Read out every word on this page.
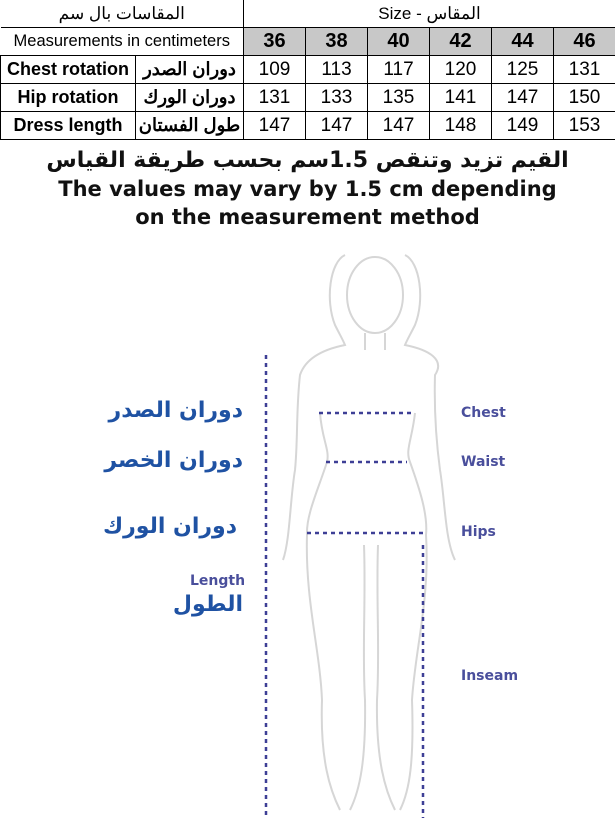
المقاسات بال سم		Size - المقاس					
Measurements in centimeters		36	38	40	42	44	46
Chest rotation	دوران الصدر	109	113	117	120	125	131
Hip rotation	دوران الورك	131	133	135	141	147	150
Dress length	طول الفستان	147	147	147	148	149	153
القيم تزيد وتنقص 1.5سم بحسب طريقة القياس
The values may vary by 1.5 cm depending
on the measurement method
دوران الصدر
دوران الخصر
دوران الورك
Length
الطول
Chest
Waist
Hips
Inseam
